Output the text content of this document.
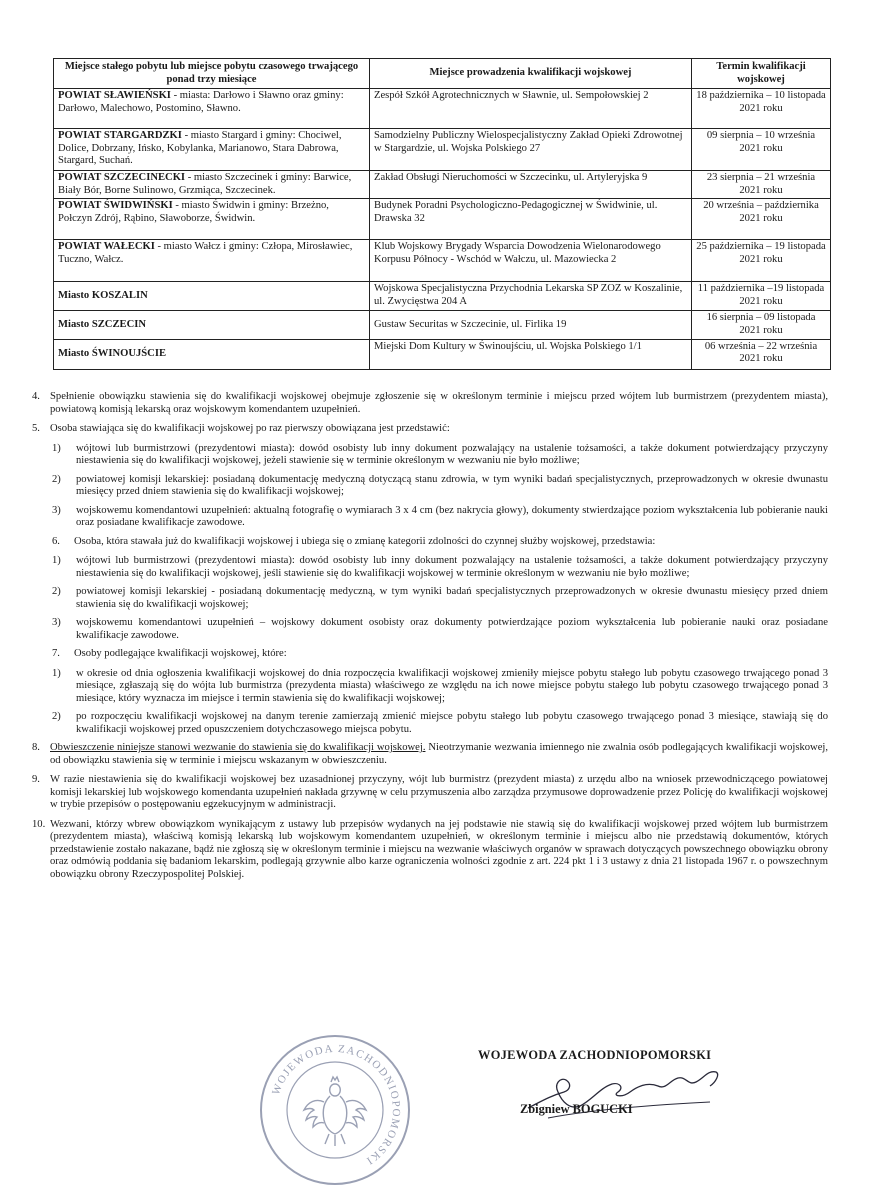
Miejsce stałego pobytu lub miejsce pobytu czasowego trwającego ponad trzy miesiące	Miejsce prowadzenia kwalifikacji wojskowej	Termin kwalifikacji wojskowej
POWIAT SŁAWIEŃSKI - miasta: Darłowo i Sławno oraz gminy: Darłowo, Malechowo, Postomino, Sławno.	Zespół Szkół Agrotechnicznych w Sławnie, ul. Sempołowskiej 2	18 października – 10 listopada 2021 roku
POWIAT STARGARDZKI - miasto Stargard i gminy: Chociwel, Dolice, Dobrzany, Ińsko, Kobylanka, Marianowo, Stara Dabrowa, Stargard, Suchań.	Samodzielny Publiczny Wielospecjalistyczny Zakład Opieki Zdrowotnej w Stargardzie, ul. Wojska Polskiego 27	09 sierpnia – 10 września 2021 roku
POWIAT SZCZECINECKI - miasto Szczecinek i gminy: Barwice, Biały Bór, Borne Sulinowo, Grzmiąca, Szczecinek.	Zakład Obsługi Nieruchomości w Szczecinku, ul. Artyleryjska 9	23 sierpnia – 21 września 2021 roku
POWIAT ŚWIDWIŃSKI - miasto Świdwin i gminy: Brzeżno, Połczyn Zdrój, Rąbino, Sławoborze, Świdwin.	Budynek Poradni Psychologiczno-Pedagogicznej w Świdwinie, ul. Drawska 32	20 września – października 2021 roku
POWIAT WAŁECKI - miasto Wałcz i gminy: Człopa, Mirosławiec, Tuczno, Wałcz.	Klub Wojskowy Brygady Wsparcia Dowodzenia Wielonarodowego Korpusu Północy - Wschód w Wałczu, ul. Mazowiecka 2	25 października – 19 listopada 2021 roku
Miasto KOSZALIN	Wojskowa Specjalistyczna Przychodnia Lekarska SP ZOZ w Koszalinie, ul. Zwycięstwa 204 A	11 października –19 listopada 2021 roku
Miasto SZCZECIN	Gustaw Securitas w Szczecinie, ul. Firlika 19	16 sierpnia – 09 listopada 2021 roku
Miasto ŚWINOUJŚCIE	Miejski Dom Kultury w Świnoujściu, ul. Wojska Polskiego 1/1	06 września – 22 września 2021 roku
4. Spełnienie obowiązku stawienia się do kwalifikacji wojskowej obejmuje zgłoszenie się w określonym terminie i miejscu przed wójtem lub burmistrzem (prezydentem miasta), powiatową komisją lekarską oraz wojskowym komendantem uzupełnień.
5. Osoba stawiająca się do kwalifikacji wojskowej po raz pierwszy obowiązana jest przedstawić:
1) wójtowi lub burmistrzowi (prezydentowi miasta): dowód osobisty lub inny dokument pozwalający na ustalenie tożsamości, a także dokument potwierdzający przyczyny niestawienia się do kwalifikacji wojskowej, jeżeli stawienie się w terminie określonym w wezwaniu nie było możliwe;
2) powiatowej komisji lekarskiej: posiadaną dokumentację medyczną dotyczącą stanu zdrowia, w tym wyniki badań specjalistycznych, przeprowadzonych w okresie dwunastu miesięcy przed dniem stawienia się do kwalifikacji wojskowej;
3) wojskowemu komendantowi uzupełnień: aktualną fotografię o wymiarach 3 x 4 cm (bez nakrycia głowy), dokumenty stwierdzające poziom wykształcenia lub pobieranie nauki oraz posiadane kwalifikacje zawodowe.
6. Osoba, która stawała już do kwalifikacji wojskowej i ubiega się o zmianę kategorii zdolności do czynnej służby wojskowej, przedstawia:
1) wójtowi lub burmistrzowi (prezydentowi miasta): dowód osobisty lub inny dokument pozwalający na ustalenie tożsamości, a także dokument potwierdzający przyczyny niestawienia się do kwalifikacji wojskowej, jeśli stawienie się do kwalifikacji wojskowej w terminie określonym w wezwaniu nie było możliwe;
2) powiatowej komisji lekarskiej - posiadaną dokumentację medyczną, w tym wyniki badań specjalistycznych przeprowadzonych w okresie dwunastu miesięcy przed dniem stawienia się do kwalifikacji wojskowej;
3) wojskowemu komendantowi uzupełnień – wojskowy dokument osobisty oraz dokumenty potwierdzające poziom wykształcenia lub pobieranie nauki oraz posiadane kwalifikacje zawodowe.
7. Osoby podlegające kwalifikacji wojskowej, które:
1) w okresie od dnia ogłoszenia kwalifikacji wojskowej do dnia rozpoczęcia kwalifikacji wojskowej zmieniły miejsce pobytu stałego lub pobytu czasowego trwającego ponad 3 miesiące, zgłaszają się do wójta lub burmistrza (prezydenta miasta) właściwego ze względu na ich nowe miejsce pobytu stałego lub pobytu czasowego trwającego ponad 3 miesiące, który wyznacza im miejsce i termin stawienia się do kwalifikacji wojskowej;
2) po rozpoczęciu kwalifikacji wojskowej na danym terenie zamierzają zmienić miejsce pobytu stałego lub pobytu czasowego trwającego ponad 3 miesiące, stawiają się do kwalifikacji wojskowej przed opuszczeniem dotychczasowego miejsca pobytu.
8. Obwieszczenie niniejsze stanowi wezwanie do stawienia się do kwalifikacji wojskowej. Nieotrzymanie wezwania imiennego nie zwalnia osób podlegających kwalifikacji wojskowej, od obowiązku stawienia się w terminie i miejscu wskazanym w obwieszczeniu.
9. W razie niestawienia się do kwalifikacji wojskowej bez uzasadnionej przyczyny, wójt lub burmistrz (prezydent miasta) z urzędu albo na wniosek przewodniczącego powiatowej komisji lekarskiej lub wojskowego komendanta uzupełnień nakłada grzywnę w celu przymuszenia albo zarządza przymusowe doprowadzenie przez Policję do kwalifikacji wojskowej w trybie przepisów o postępowaniu egzekucyjnym w administracji.
10. Wezwani, którzy wbrew obowiązkom wynikającym z ustawy lub przepisów wydanych na jej podstawie nie stawią się do kwalifikacji wojskowej przed wójtem lub burmistrzem (prezydentem miasta), właściwą komisją lekarską lub wojskowym komendantem uzupełnień, w określonym terminie i miejscu albo nie przedstawią dokumentów, których przedstawienie zostało nakazane, bądź nie zgłoszą się w określonym terminie i miejscu na wezwanie właściwych organów w sprawach dotyczących powszechnego obowiązku obrony oraz odmówią poddania się badaniom lekarskim, podlegają grzywnie albo karze ograniczenia wolności zgodnie z art. 224 pkt 1 i 3 ustawy z dnia 21 listopada 1967 r. o powszechnym obowiązku obrony Rzeczypospolitej Polskiej.
WOJEWODA ZACHODNIOPOMORSKI
WOJEWODA ZACHODNIOPOMORSKI
Zbigniew BOGUCKI
